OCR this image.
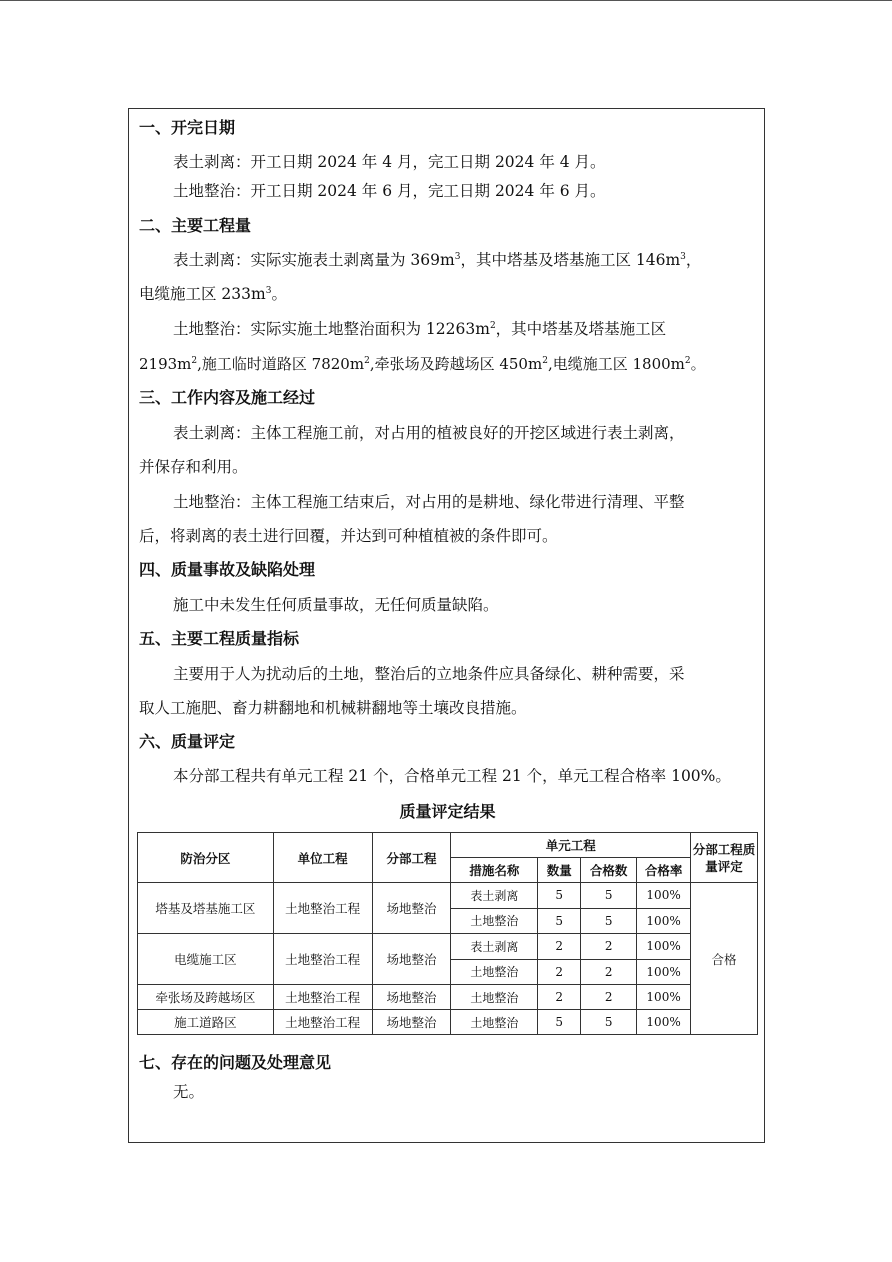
一、开完日期
表土剥离：开工日期 2024 年 4 月，完工日期 2024 年 4 月。
土地整治：开工日期 2024 年 6 月，完工日期 2024 年 6 月。
二、主要工程量
表土剥离：实际实施表土剥离量为 $369m^3$，其中塔基及塔基施工区 $146m^3$，
电缆施工区 $233m^3$。
土地整治：实际实施土地整治面积为 $12263m^2$，其中塔基及塔基施工区
$2193m^2$,施工临时道路区 $7820m^2$,牵张场及跨越场区 $450m^2$,电缆施工区 $1800m^2$。
三、工作内容及施工经过
表土剥离：主体工程施工前，对占用的植被良好的开挖区域进行表土剥离，
并保存和利用。
土地整治：主体工程施工结束后，对占用的是耕地、绿化带进行清理、平整
后，将剥离的表土进行回覆，并达到可种植植被的条件即可。
四、质量事故及缺陷处理
施工中未发生任何质量事故，无任何质量缺陷。
五、主要工程质量指标
主要用于人为扰动后的土地，整治后的立地条件应具备绿化、耕种需要，采
取人工施肥、畜力耕翻地和机械耕翻地等土壤改良措施。
六、质量评定
本分部工程共有单元工程 21 个，合格单元工程 21 个，单元工程合格率 100%。
质量评定结果
防治分区	单位工程	分部工程	单元工程				分部工程质
量评定
			措施名称	数量	合格数	合格率	
塔基及塔基施工区	土地整治工程	场地整治	表土剥离	5	5	100%	合格
			土地整治	5	5	100%	
电缆施工区	土地整治工程	场地整治	表土剥离	2	2	100%	
			土地整治	2	2	100%	
牵张场及跨越场区	土地整治工程	场地整治	土地整治	2	2	100%	
施工道路区	土地整治工程	场地整治	土地整治	5	5	100%	
七、存在的问题及处理意见
无。
